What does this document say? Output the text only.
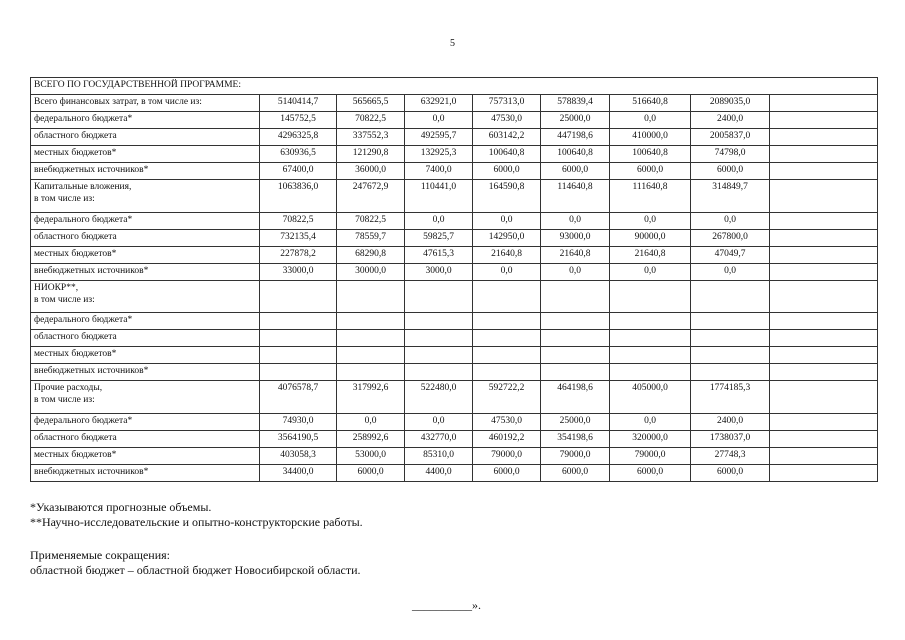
5
ВСЕГО ПО ГОСУДАРСТВЕННОЙ ПРОГРАММЕ:								

Всего финансовых затрат, в том числе из:	5140414,7	565665,5	632921,0	757313,0	578839,4	516640,8	2089035,0	

федерального бюджета*	145752,5	70822,5	0,0	47530,0	25000,0	0,0	2400,0	

областного бюджета	4296325,8	337552,3	492595,7	603142,2	447198,6	410000,0	2005837,0	

местных бюджетов*	630936,5	121290,8	132925,3	100640,8	100640,8	100640,8	74798,0	

внебюджетных источников*	67400,0	36000,0	7400,0	6000,0	6000,0	6000,0	6000,0	

Капитальные вложения,
в том числе из:	1063836,0	247672,9	110441,0	164590,8	114640,8	111640,8	314849,7	

федерального бюджета*	70822,5	70822,5	0,0	0,0	0,0	0,0	0,0	

областного бюджета	732135,4	78559,7	59825,7	142950,0	93000,0	90000,0	267800,0	

местных бюджетов*	227878,2	68290,8	47615,3	21640,8	21640,8	21640,8	47049,7	

внебюджетных источников*	33000,0	30000,0	3000,0	0,0	0,0	0,0	0,0	

НИОКР**,
в том числе из:								

федерального бюджета*								

областного бюджета								

местных бюджетов*								

внебюджетных источников*								

Прочие расходы,
в том числе из:	4076578,7	317992,6	522480,0	592722,2	464198,6	405000,0	1774185,3	

федерального бюджета*	74930,0	0,0	0,0	47530,0	25000,0	0,0	2400,0	

областного бюджета	3564190,5	258992,6	432770,0	460192,2	354198,6	320000,0	1738037,0	

местных бюджетов*	403058,3	53000,0	85310,0	79000,0	79000,0	79000,0	27748,3	

внебюджетных источников*	34400,0	6000,0	4400,0	6000,0	6000,0	6000,0	6000,0	
*Указываются прогнозные объемы.
**Научно-исследовательские и опытно-конструкторские работы.
Применяемые сокращения:
областной бюджет – областной бюджет Новосибирской области.
__________».
